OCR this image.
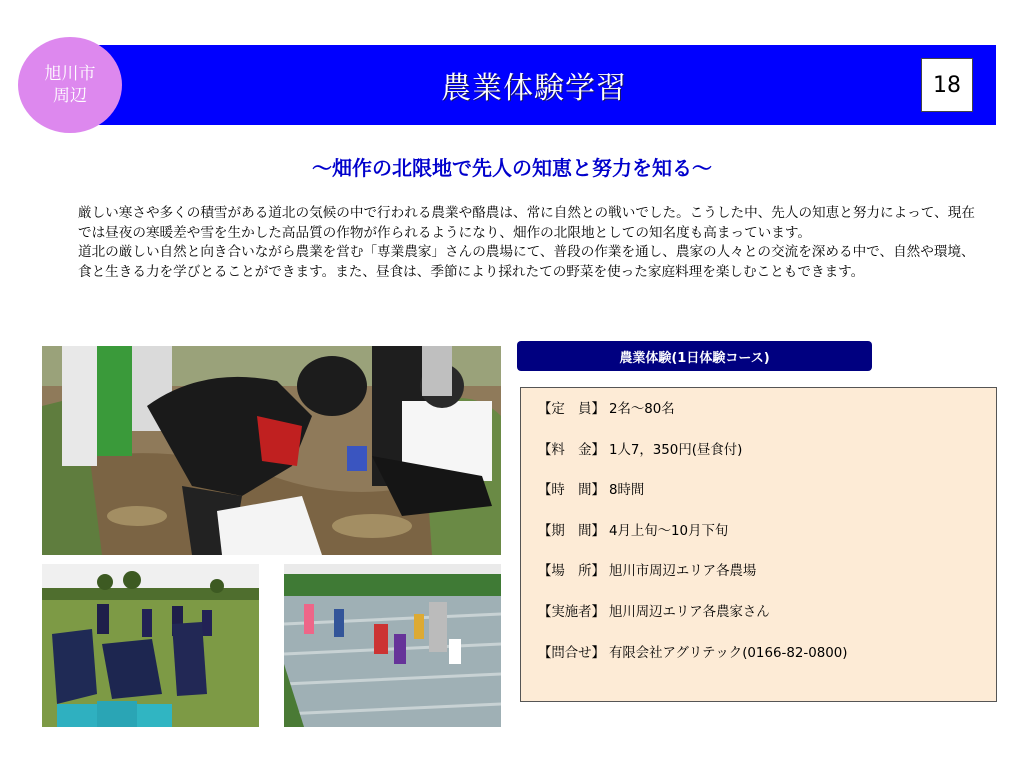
農業体験学習
旭川市
周辺	18
～畑作の北限地で先人の知恵と努力を知る～

厳しい寒さや多くの積雪がある道北の気候の中で行われる農業や酪農は、常に自然との戦いでした。こうした中、先人の知恵と努力によって、現在では昼夜の寒暖差や雪を生かした高品質の作物が作られるようになり、畑作の北限地としての知名度も高まっています。

道北の厳しい自然と向き合いながら農業を営む「専業農家」さんの農場にて、普段の作業を通し、農家の人々との交流を深める中で、自然や環境、食と生きる力を学びとることができます。また、昼食は、季節により採れたての野菜を使った家庭料理を楽しむこともできます。

農業体験(1日体験コース)
【定　員】 2名～80名
【料　金】 1人7，350円(昼食付)
【時　間】 8時間
【期　間】 4月上旬～10月下旬
【場　所】 旭川市周辺エリア各農場
【実施者】 旭川周辺エリア各農家さん
【問合せ】 有限会社アグリテック(0166-82-0800)
